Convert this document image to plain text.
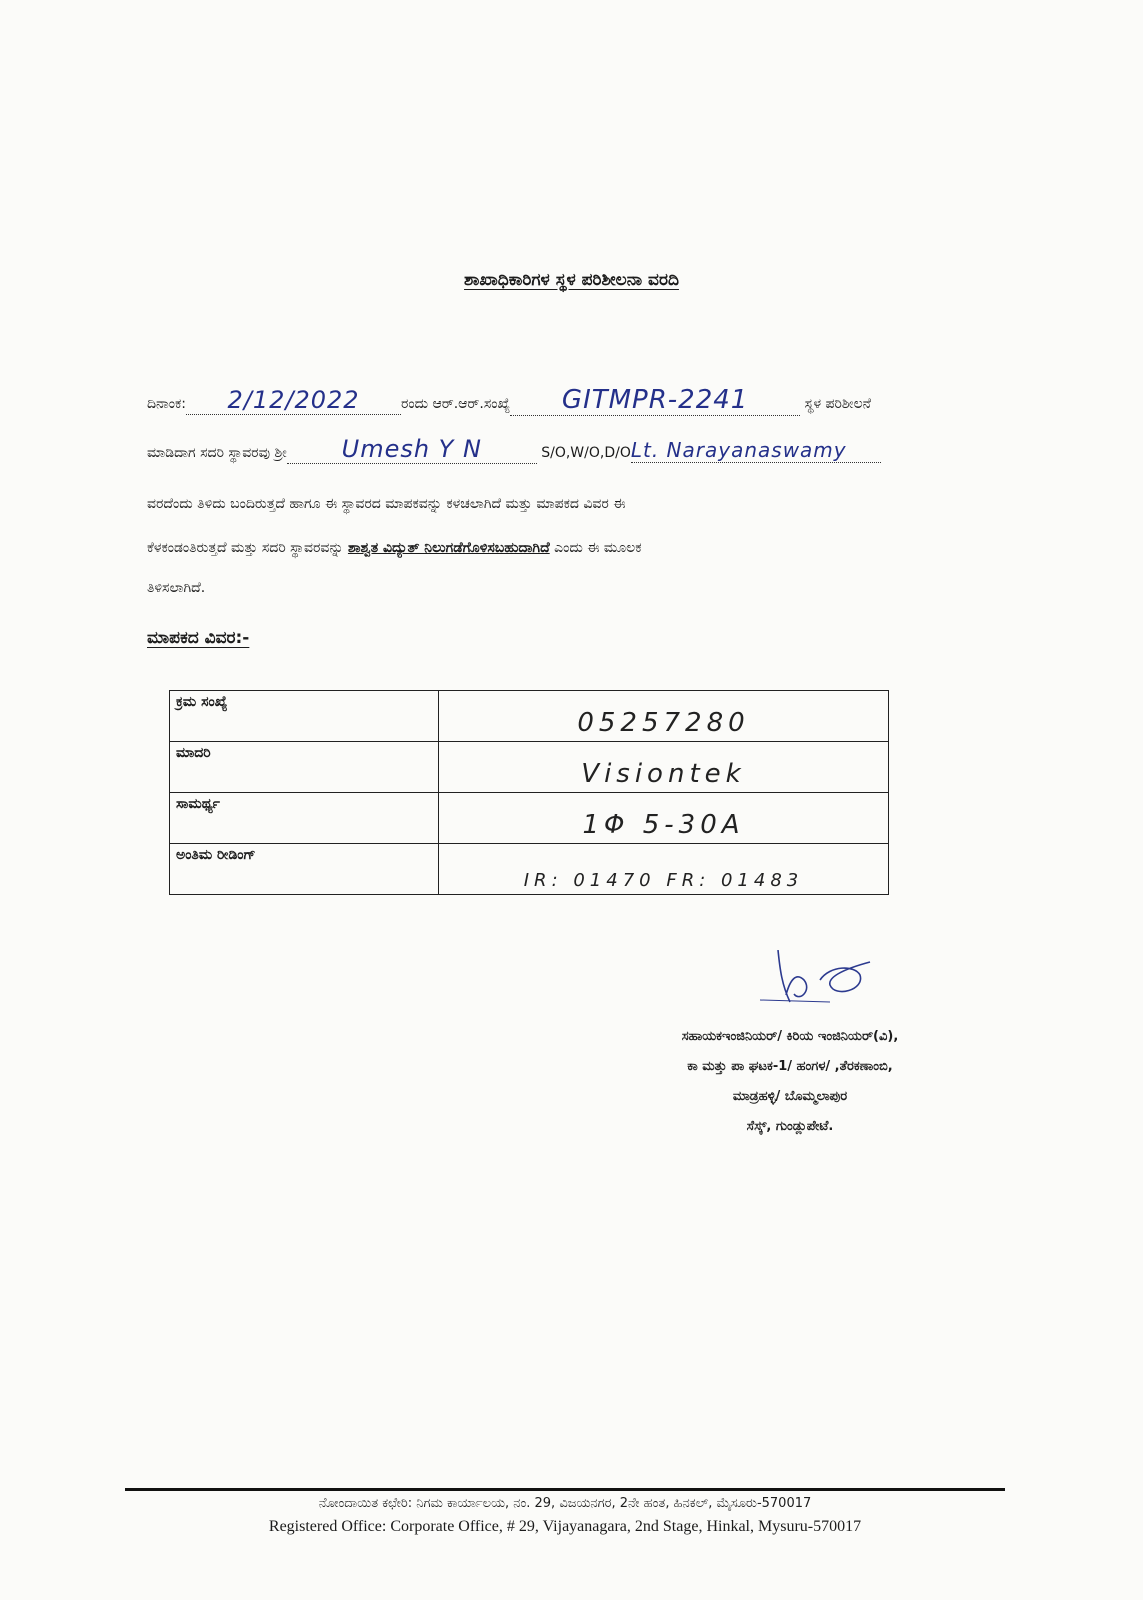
ಶಾಖಾಧಿಕಾರಿಗಳ ಸ್ಥಳ ಪರಿಶೀಲನಾ ವರದಿ
ದಿನಾಂಕ: 2/12/2022	ರಂದು ಆರ್.ಆರ್.ಸಂಖ್ಯೆ GITMPR-2241	ಸ್ಥಳ ಪರಿಶೀಲನೆ
ಮಾಡಿದಾಗ ಸದರಿ ಸ್ಥಾವರವು ಶ್ರೀ Umesh Y N	S/O,W/O,D/OLt. Narayanaswamy
ವರದೆಂದು ತಿಳಿದು ಬಂದಿರುತ್ತದೆ ಹಾಗೂ ಈ ಸ್ಥಾವರದ ಮಾಪಕವನ್ನು ಕಳಚಲಾಗಿದೆ ಮತ್ತು ಮಾಪಕದ ವಿವರ ಈ
ಕೆಳಕಂಡಂತಿರುತ್ತದೆ ಮತ್ತು ಸದರಿ ಸ್ಥಾವರವನ್ನು ಶಾಶ್ವತ ವಿದ್ಯುತ್ ನಿಲುಗಡೆಗೊಳಿಸಬಹುದಾಗಿದೆ ಎಂದು ಈ ಮೂಲಕ
ತಿಳಿಸಲಾಗಿದೆ.
ಮಾಪಕದ ವಿವರ:-
ಕ್ರಮ ಸಂಖ್ಯೆ	05257280
ಮಾದರಿ	Visiontek
ಸಾಮರ್ಥ್ಯ	1Φ 5-30A
ಅಂತಿಮ ರೀಡಿಂಗ್	IR: 01470 FR: 01483
ಸಹಾಯಕಇಂಜಿನಿಯರ್/ ಕಿರಿಯ ಇಂಜಿನಿಯರ್(ವಿ),
ಕಾ ಮತ್ತು ಪಾ ಘಟಕ-1/ ಹಂಗಳ/ ,ತೆರಕಣಾಂಬಿ,
ಮಾಡ್ರಹಳ್ಳಿ/ ಬೊಮ್ಮಲಾಪುರ
ಸೆಸ್ಕ್, ಗುಂಡ್ಲುಪೇಟೆ.
ನೋಂದಾಯಿತ ಕಛೇರಿ: ನಿಗಮ ಕಾರ್ಯಾಲಯ, ನಂ. 29, ವಿಜಯನಗರ, 2ನೇ ಹಂತ, ಹಿನಕಲ್, ಮೈಸೂರು-570017
Registered Office: Corporate Office, # 29, Vijayanagara, 2nd Stage, Hinkal, Mysuru-570017
